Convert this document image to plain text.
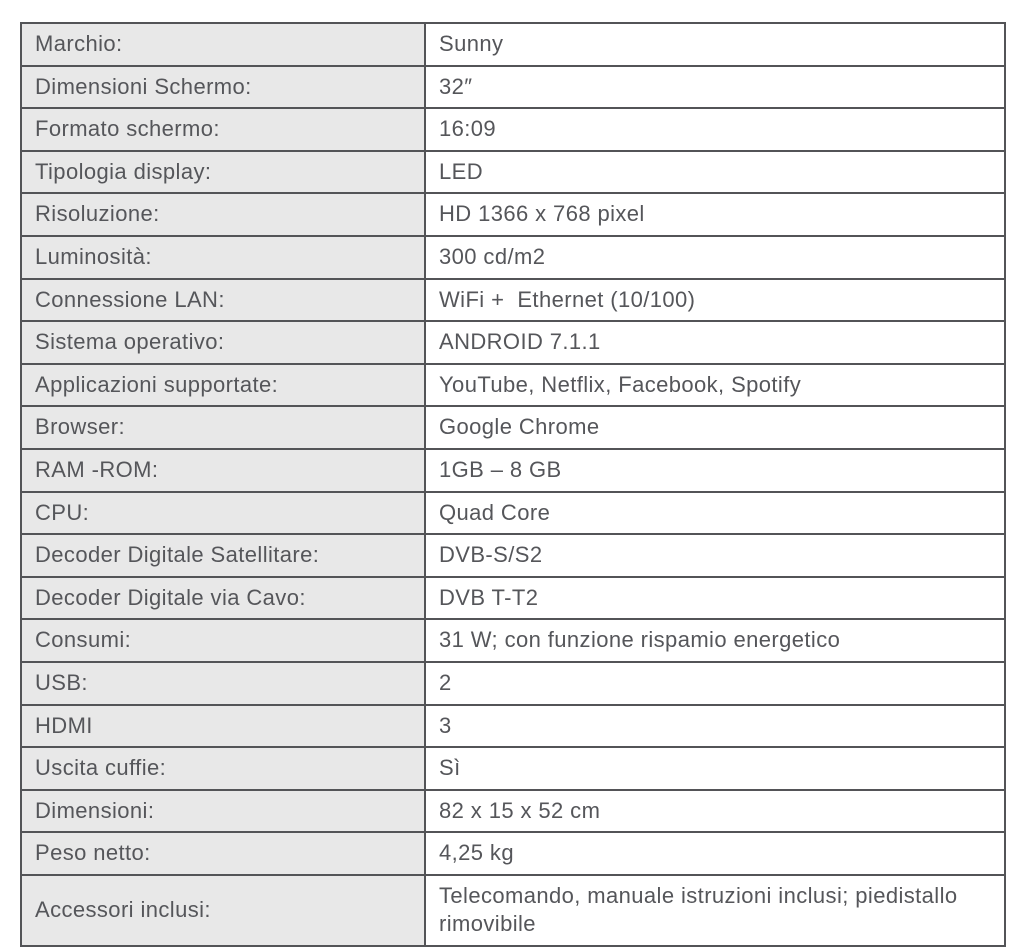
Marchio:	Sunny
Dimensioni Schermo:	32″
Formato schermo:	16:09
Tipologia display:	LED
Risoluzione:	HD 1366 x 768 pixel
Luminosità:	300 cd/m2
Connessione LAN:	WiFi +  Ethernet (10/100)
Sistema operativo:	ANDROID 7.1.1
Applicazioni supportate:	YouTube, Netflix, Facebook, Spotify
Browser:	Google Chrome
RAM -ROM:	1GB – 8 GB
CPU:	Quad Core
Decoder Digitale Satellitare:	DVB-S/S2
Decoder Digitale via Cavo:	DVB T-T2
Consumi:	31 W; con funzione rispamio energetico
USB:	2
HDMI	3
Uscita cuffie:	Sì
Dimensioni:	82 x 15 x 52 cm
Peso netto:	4,25 kg
Accessori inclusi:	Telecomando, manuale istruzioni inclusi; piedistallo rimovibile
